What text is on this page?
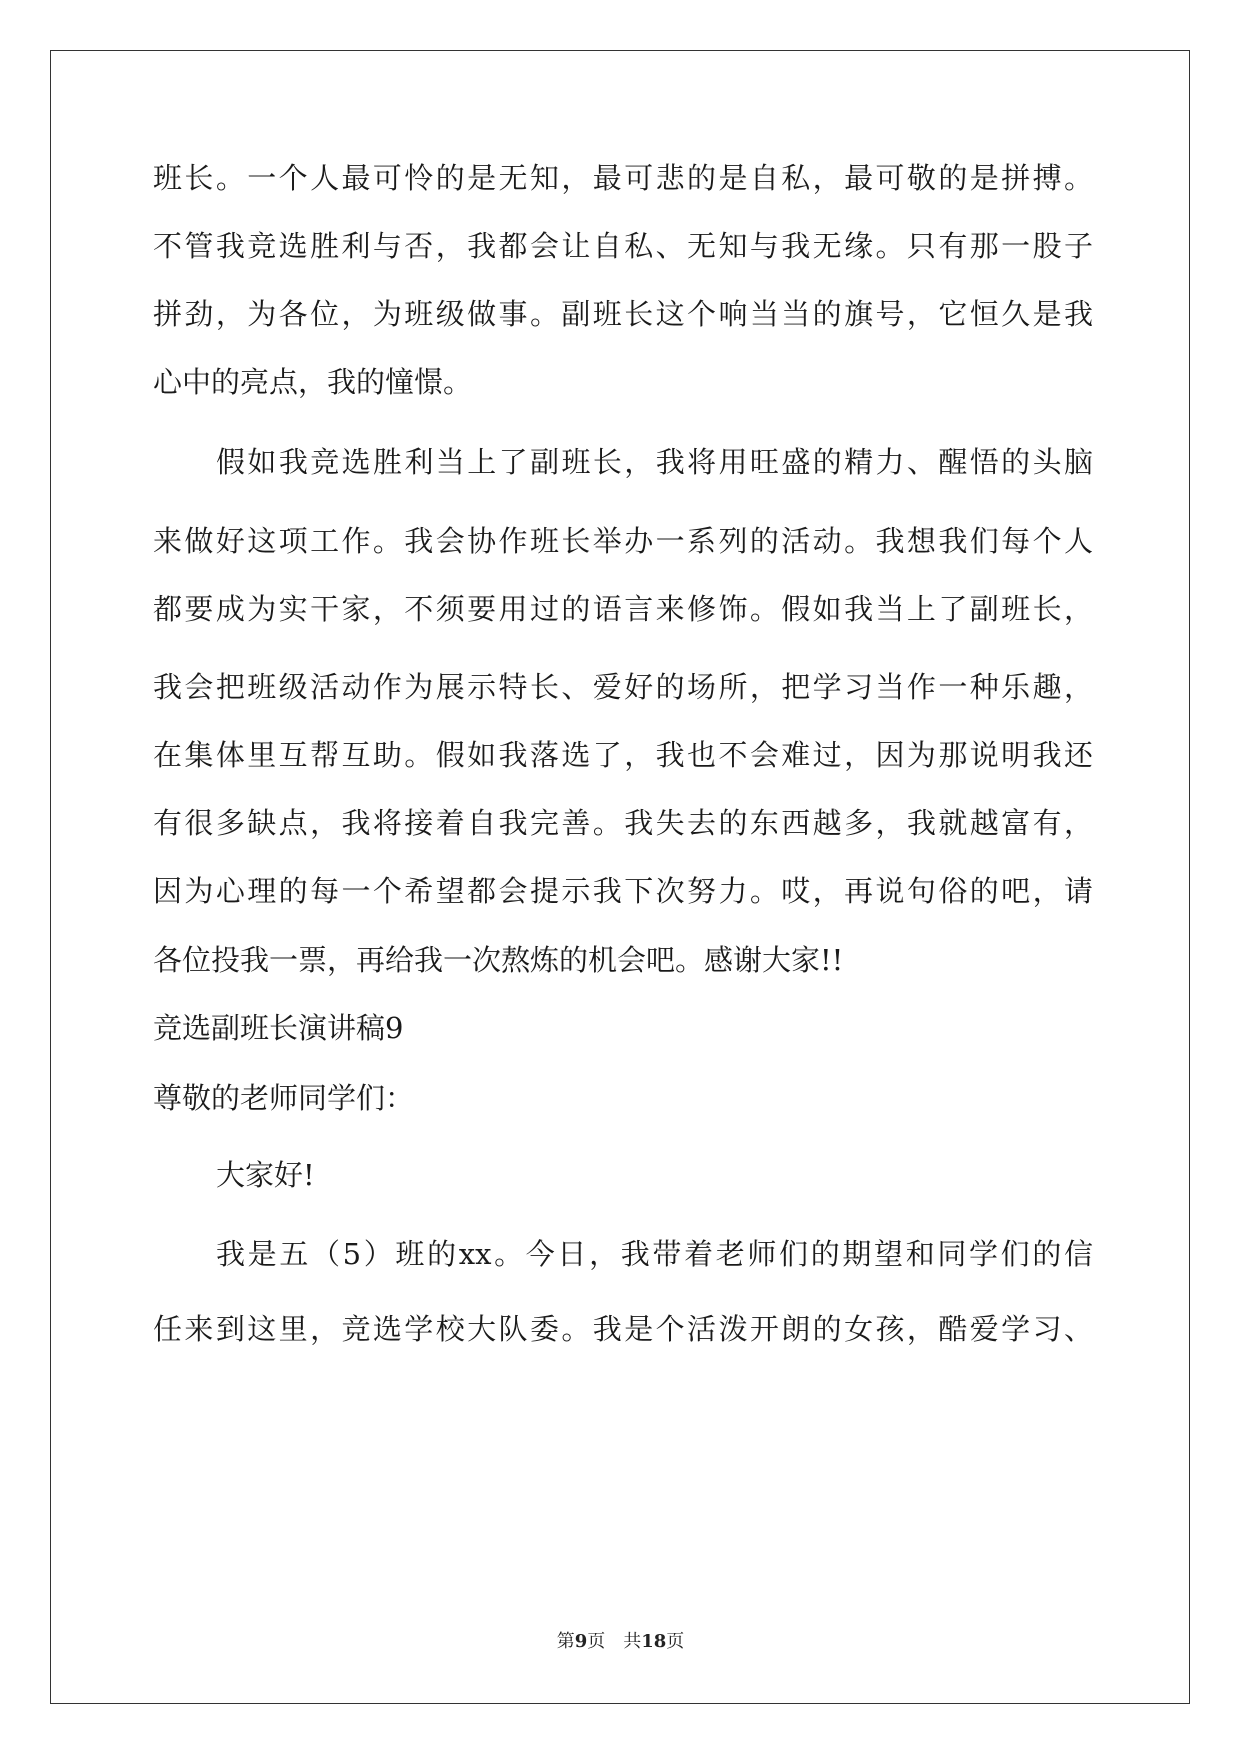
班长。一个人最可怜的是无知，最可悲的是自私，最可敬的是拼搏。
不管我竞选胜利与否，我都会让自私、无知与我无缘。只有那一股子
拼劲，为各位，为班级做事。副班长这个响当当的旗号，它恒久是我
心中的亮点，我的憧憬。
假如我竞选胜利当上了副班长，我将用旺盛的精力、醒悟的头脑
来做好这项工作。我会协作班长举办一系列的活动。我想我们每个人
都要成为实干家，不须要用过的语言来修饰。假如我当上了副班长，
我会把班级活动作为展示特长、爱好的场所，把学习当作一种乐趣，
在集体里互帮互助。假如我落选了，我也不会难过，因为那说明我还
有很多缺点，我将接着自我完善。我失去的东西越多，我就越富有，
因为心理的每一个希望都会提示我下次努力。哎，再说句俗的吧，请
各位投我一票，再给我一次熬炼的机会吧。感谢大家!!
竞选副班长演讲稿9
尊敬的老师同学们：
大家好!
我是五（5）班的xx。今日，我带着老师们的期望和同学们的信
任来到这里，竞选学校大队委。我是个活泼开朗的女孩，酷爱学习、
第9页　共18页
